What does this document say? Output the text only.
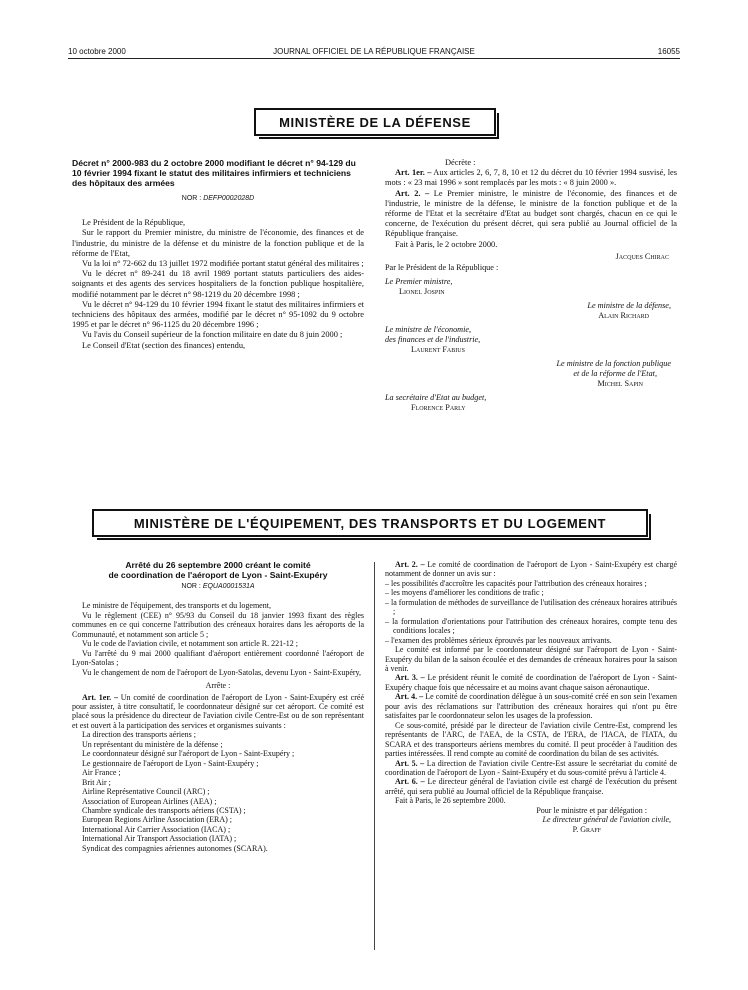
10 octobre 2000	JOURNAL OFFICIEL DE LA RÉPUBLIQUE FRANÇAISE	16055
MINISTÈRE DE LA DÉFENSE
Décret n° 2000-983 du 2 octobre 2000 modifiant le décret n° 94-129 du 10 février 1994 fixant le statut des militaires infirmiers et techniciens des hôpitaux des armées
NOR : DEFP0002028D

Le Président de la République,

Sur le rapport du Premier ministre, du ministre de l'économie, des finances et de l'industrie, du ministre de la défense et du ministre de la fonction publique et de la réforme de l'Etat,

Vu la loi n° 72-662 du 13 juillet 1972 modifiée portant statut général des militaires ;

Vu le décret n° 89-241 du 18 avril 1989 portant statuts particuliers des aides-soignants et des agents des services hospitaliers de la fonction publique hospitalière, modifié notamment par le décret n° 98-1219 du 20 décembre 1998 ;

Vu le décret n° 94-129 du 10 février 1994 fixant le statut des militaires infirmiers et techniciens des hôpitaux des armées, modifié par le décret n° 95-1092 du 9 octobre 1995 et par le décret n° 96-1125 du 20 décembre 1996 ;

Vu l'avis du Conseil supérieur de la fonction militaire en date du 8 juin 2000 ;

Le Conseil d'Etat (section des finances) entendu,

Décrète :

Art. 1er. – Aux articles 2, 6, 7, 8, 10 et 12 du décret du 10 février 1994 susvisé, les mots : « 23 mai 1996 » sont remplacés par les mots : « 8 juin 2000 ».

Art. 2. – Le Premier ministre, le ministre de l'économie, des finances et de l'industrie, le ministre de la défense, le ministre de la fonction publique et de la réforme de l'Etat et la secrétaire d'Etat au budget sont chargés, chacun en ce qui le concerne, de l'exécution du présent décret, qui sera publié au Journal officiel de la République française.

Fait à Paris, le 2 octobre 2000.

Jacques Chirac
Par le Président de la République :
Le Premier ministre,
Lionel Jospin
Le ministre de la défense,
Alain Richard
Le ministre de l'économie,
des finances et de l'industrie,
Laurent Fabius
Le ministre de la fonction publique
et de la réforme de l'Etat,
Michel Sapin
La secrétaire d'Etat au budget,
Florence Parly
MINISTÈRE DE L'ÉQUIPEMENT, DES TRANSPORTS ET DU LOGEMENT
Arrêté du 26 septembre 2000 créant le comité
de coordination de l'aéroport de Lyon - Saint-Exupéry
NOR : EQUA0001531A

Le ministre de l'équipement, des transports et du logement,

Vu le règlement (CEE) n° 95/93 du Conseil du 18 janvier 1993 fixant des règles communes en ce qui concerne l'attribution des créneaux horaires dans les aéroports de la Communauté, et notamment son article 5 ;

Vu le code de l'aviation civile, et notamment son article R. 221-12 ;

Vu l'arrêté du 9 mai 2000 qualifiant d'aéroport entièrement coordonné l'aéroport de Lyon-Satolas ;

Vu le changement de nom de l'aéroport de Lyon-Satolas, devenu Lyon - Saint-Exupéry,

Arrête :

Art. 1er. – Un comité de coordination de l'aéroport de Lyon - Saint-Exupéry est créé pour assister, à titre consultatif, le coordonnateur désigné sur cet aéroport. Ce comité est placé sous la présidence du directeur de l'aviation civile Centre-Est ou de son représentant et est ouvert à la participation des services et organismes suivants :

La direction des transports aériens ;
Un représentant du ministère de la défense ;
Le coordonnateur désigné sur l'aéroport de Lyon - Saint-Exupéry ;
Le gestionnaire de l'aéroport de Lyon - Saint-Exupéry ;
Air France ;
Brit Air ;
Airline Représentative Council (ARC) ;
Association of European Airlines (AEA) ;
Chambre syndicale des transports aériens (CSTA) ;
European Regions Airline Association (ERA) ;
International Air Carrier Association (IACA) ;
International Air Transport Association (IATA) ;
Syndicat des compagnies aériennes autonomes (SCARA).

Art. 2. – Le comité de coordination de l'aéroport de Lyon - Saint-Exupéry est chargé notamment de donner un avis sur :

– les possibilités d'accroître les capacités pour l'attribution des créneaux horaires ;
– les moyens d'améliorer les conditions de trafic ;
– la formulation de méthodes de surveillance de l'utilisation des créneaux horaires attribués ;
– la formulation d'orientations pour l'attribution des créneaux horaires, compte tenu des conditions locales ;
– l'examen des problèmes sérieux éprouvés par les nouveaux arrivants.

Le comité est informé par le coordonnateur désigné sur l'aéroport de Lyon - Saint-Exupéry du bilan de la saison écoulée et des demandes de créneaux horaires pour la saison à venir.

Art. 3. – Le président réunit le comité de coordination de l'aéroport de Lyon - Saint-Exupéry chaque fois que nécessaire et au moins avant chaque saison aéronautique.

Art. 4. – Le comité de coordination délègue à un sous-comité créé en son sein l'examen pour avis des réclamations sur l'attribution des créneaux horaires qui n'ont pu être satisfaites par le coordonnateur selon les usages de la profession.

Ce sous-comité, présidé par le directeur de l'aviation civile Centre-Est, comprend les représentants de l'ARC, de l'AEA, de la CSTA, de l'ERA, de l'IACA, de l'IATA, du SCARA et des transporteurs aériens membres du comité. Il peut procéder à l'audition des parties intéressées. Il rend compte au comité de coordination du bilan de ses activités.

Art. 5. – La direction de l'aviation civile Centre-Est assure le secrétariat du comité de coordination de l'aéroport de Lyon - Saint-Exupéry et du sous-comité prévu à l'article 4.

Art. 6. – Le directeur général de l'aviation civile est chargé de l'exécution du présent arrêté, qui sera publié au Journal officiel de la République française.

Fait à Paris, le 26 septembre 2000.

Pour le ministre et par délégation :
Le directeur général de l'aviation civile,
P. Graff
